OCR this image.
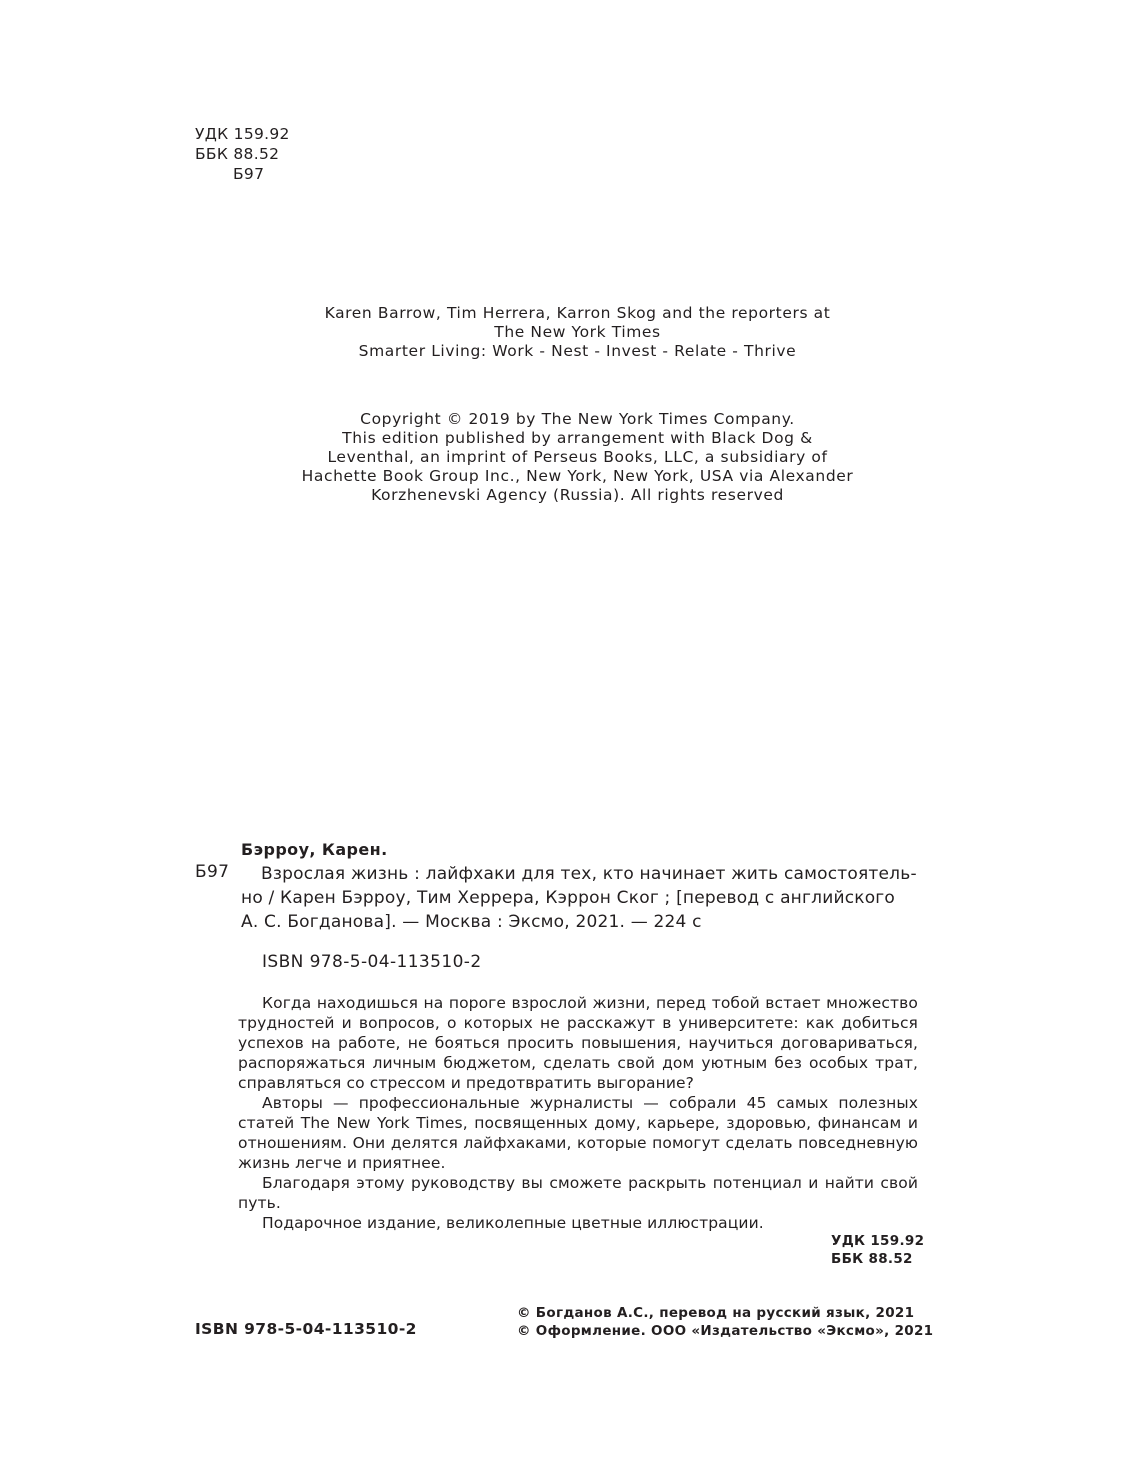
УДК 159.92
ББК 88.52
Б97
Karen Barrow, Tim Herrera, Karron Skog and the reporters at
The New York Times
Smarter Living: Work - Nest - Invest - Relate - Thrive
Copyright © 2019 by The New York Times Company.
This edition published by arrangement with Black Dog &
Leventhal, an imprint of Perseus Books, LLC, a subsidiary of
Hachette Book Group Inc., New York, New York, USA via Alexander
Korzhenevski Agency (Russia). All rights reserved
Бэрроу, Карен.
Б97	Взрослая жизнь : лайфхаки для тех, кто начинает жить самостоятель-
но / Карен Бэрроу, Тим Херрера, Кэррон Ског ; [перевод с английского
А. С. Богданова]. — Москва : Эксмо, 2021. — 224 с
ISBN 978-5-04-113510-2

Когда находишься на пороге взрослой жизни, перед тобой встает множество трудностей и вопросов, о которых не расскажут в университете: как добиться успехов на работе, не бояться просить повышения, научиться договариваться, распоряжаться личным бюджетом, сделать свой дом уютным без особых трат, справляться со стрессом и предотвратить выгорание?

Авторы — профессиональные журналисты — собрали 45 самых полезных статей The New York Times, посвященных дому, карьере, здоровью, финансам и отношениям. Они делятся лайфхаками, которые помогут сделать повседневную жизнь легче и приятнее.

Благодаря этому руководству вы сможете раскрыть потенциал и найти свой путь.

Подарочное издание, великолепные цветные иллюстрации.

УДК 159.92
ББК 88.52
ISBN 978-5-04-113510-2
© Богданов А.С., перевод на русский язык, 2021
© Оформление. ООО «Издательство «Эксмо», 2021
